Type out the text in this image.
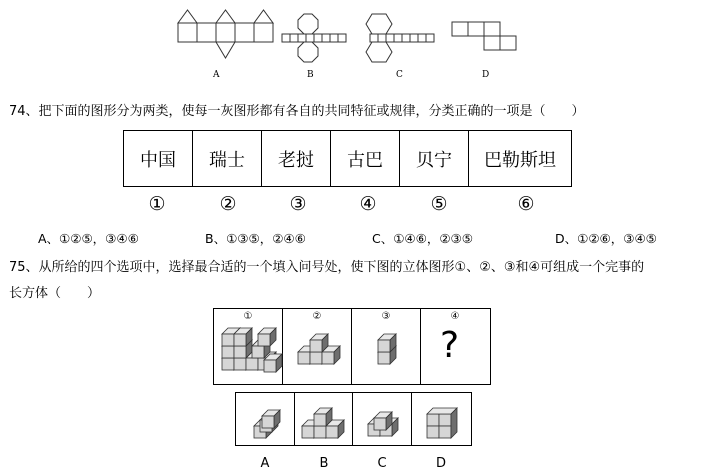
A	B	C	D
74、把下面的图形分为两类，使每一灰图形都有各自的共同特征或规律，分类正确的一项是（　　）
中国	瑞士	老挝	古巴	贝宁	巴勒斯坦
①	②	③	④	⑤	⑥
A、①②⑤，③④⑥	B、①③⑤，②④⑥	C、①④⑥，②③⑤	D、①②⑥，③④⑤
75、从所给的四个选项中，选择最合适的一个填入问号处，使下图的立体图形①、②、③和④可组成一个完事的
长方体（　　）
①	②	③	④
?
A	B	C	D
